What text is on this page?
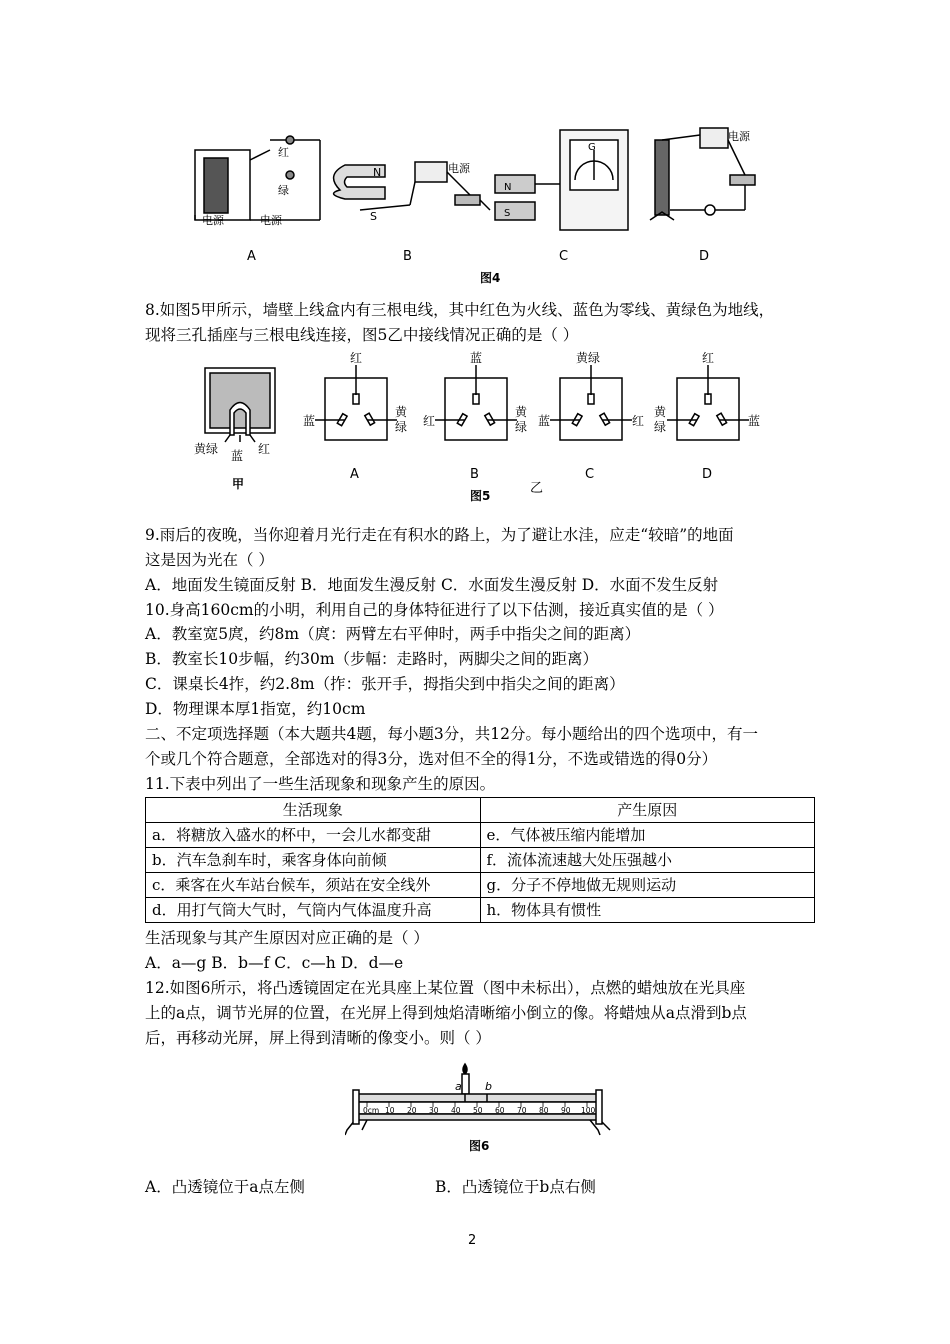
红
绿
电源	电源
A
N
S
电源
B
N
S
G
C
电源
D
图4
8.如图5甲所示，墙壁上线盒内有三根电线，其中红色为火线、蓝色为零线、黄绿色为地线，
现将三孔插座与三根电线连接，图5乙中接线情况正确的是（ ）
黄绿 蓝 红
甲
红
蓝
黄
绿
A
蓝
红
黄
绿
B
黄绿
蓝	红
C
乙
红
黄
绿	蓝
D
图5
9.雨后的夜晚，当你迎着月光行走在有积水的路上，为了避让水洼，应走“较暗”的地面
这是因为光在（ ）
A．地面发生镜面反射 B．地面发生漫反射 C．水面发生漫反射 D．水面不发生反射
10.身高160cm的小明，利用自己的身体特征进行了以下估测，接近真实值的是（ ）
A．教室宽5庹，约8m（庹：两臂左右平伸时，两手中指尖之间的距离）
B．教室长10步幅，约30m（步幅：走路时，两脚尖之间的距离）
C．课桌长4拃，约2.8m（拃：张开手，拇指尖到中指尖之间的距离）
D．物理课本厚1指宽，约10cm
二、不定项选择题（本大题共4题，每小题3分，共12分。每小题给出的四个选项中，有一
个或几个符合题意，全部选对的得3分，选对但不全的得1分，不选或错选的得0分）
11.下表中列出了一些生活现象和现象产生的原因。
生活现象	产生原因
a．将糖放入盛水的杯中，一会儿水都变甜	e．气体被压缩内能增加
b．汽车急刹车时，乘客身体向前倾	f．流体流速越大处压强越小
c．乘客在火车站台候车，须站在安全线外	g．分子不停地做无规则运动
d．用打气筒大气时，气筒内气体温度升高	h．物体具有惯性
生活现象与其产生原因对应正确的是（ ）
A．a—g B．b—f C．c—h D．d—e
12.如图6所示，将凸透镜固定在光具座上某位置（图中未标出），点燃的蜡烛放在光具座
上的a点，调节光屏的位置，在光屏上得到烛焰清晰缩小倒立的像。将蜡烛从a点滑到b点
后，再移动光屏，屏上得到清晰的像变小。则（ ）
0cm 10 20 30 40 50 60 70 80 90 100
a b
图6
A．凸透镜位于a点左侧	B．凸透镜位于b点右侧
2
